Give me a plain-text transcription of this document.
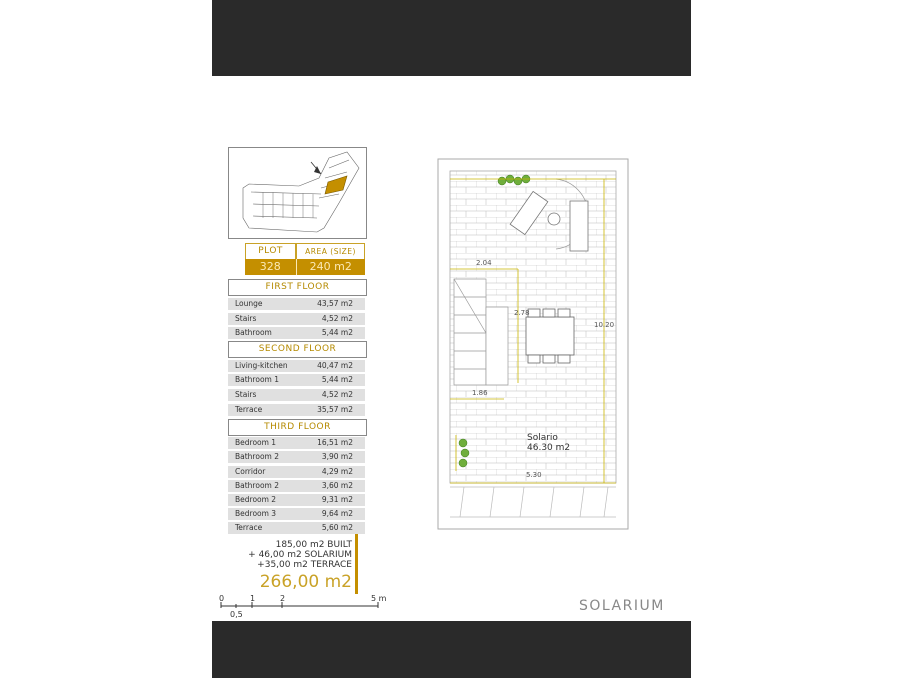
PLOT	AREA (SIZE)
328	240 m2
FIRST FLOOR
Lounge	43,57 m2
Stairs	4,52 m2
Bathroom	5,44 m2
SECOND FLOOR
Living-kitchen	40,47 m2
Bathroom 1	5,44 m2
Stairs	4,52 m2
Terrace	35,57 m2
THIRD FLOOR
Bedroom 1	16,51 m2
Bathroom 2	3,90 m2
Corridor	4,29 m2
Bathroom 2	3,60 m2
Bedroom 2	9,31 m2
Bedroom 3	9,64 m2
Terrace	5,60 m2
185,00 m2 BUILT
+ 46,00 m2 SOLARIUM
+35,00 m2 TERRACE
266,00 m2
0	1	2	5 m
0,5
2.04
2.78
10.20
1.86
5.30
Solario
46.30 m2
SOLARIUM
